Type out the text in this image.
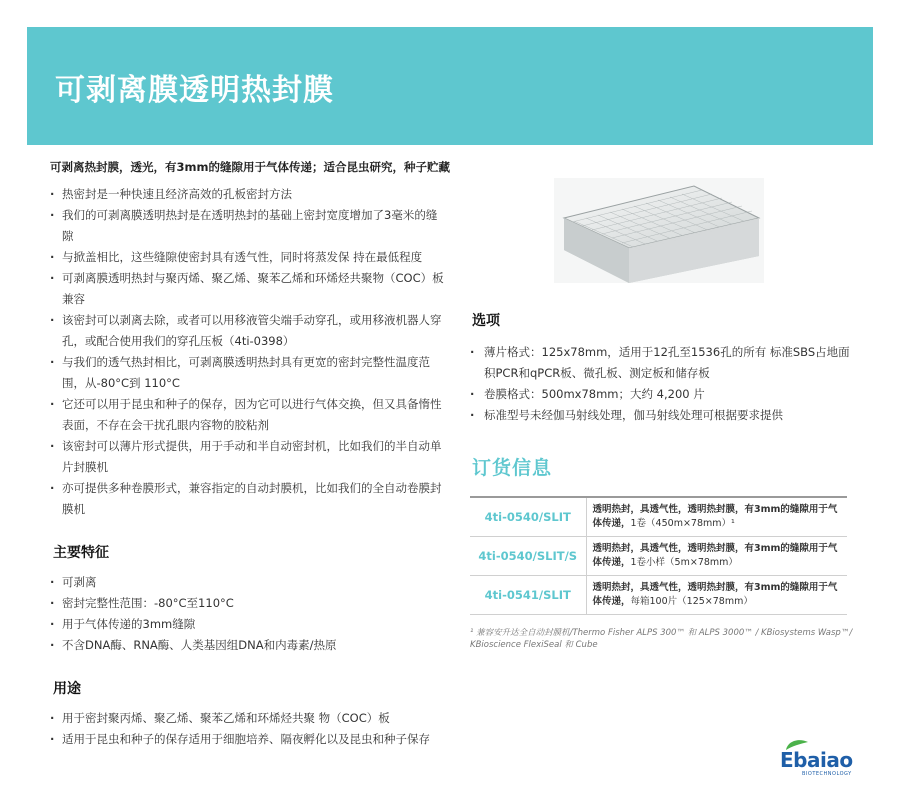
可剥离膜透明热封膜
可剥离热封膜，透光，有3mm的缝隙用于气体传递；适合昆虫研究，种子贮藏
· 热密封是一种快速且经济高效的孔板密封方法
· 我们的可剥离膜透明热封是在透明热封的基础上密封宽度增加了3毫米的缝隙
· 与掀盖相比，这些缝隙使密封具有透气性，同时将蒸发保 持在最低程度
· 可剥离膜透明热封与聚丙烯、聚乙烯、聚苯乙烯和环烯烃共聚物（COC）板兼容
· 该密封可以剥离去除，或者可以用移液管尖端手动穿孔，或用移液机器人穿孔，或配合使用我们的穿孔压板（4ti-0398）
· 与我们的透气热封相比，可剥离膜透明热封具有更宽的密封完整性温度范围，从-80°C到 110°C
· 它还可以用于昆虫和种子的保存，因为它可以进行气体交换，但又具备惰性表面，不存在会干扰孔眼内容物的胶粘剂
· 该密封可以薄片形式提供，用于手动和半自动密封机，比如我们的半自动单片封膜机
· 亦可提供多种卷膜形式，兼容指定的自动封膜机，比如我们的全自动卷膜封膜机
主要特征
· 可剥离
· 密封完整性范围：-80°C至110°C
· 用于气体传递的3mm缝隙
· 不含DNA酶、RNA酶、人类基因组DNA和内毒素/热原
用途
· 用于密封聚丙烯、聚乙烯、聚苯乙烯和环烯烃共聚 物（COC）板
· 适用于昆虫和种子的保存适用于细胞培养、隔夜孵化以及昆虫和种子保存
选项
· 薄片格式：125x78mm，适用于12孔至1536孔的所有 标准SBS占地面积PCR和qPCR板、微孔板、测定板和储存板
· 卷膜格式：500mx78mm；大约 4,200 片
· 标准型号未经伽马射线处理，伽马射线处理可根据要求提供
订货信息
4ti-0540/SLIT	透明热封，具透气性，透明热封膜，有3mm的缝隙用于气体传递，1卷（450m×78mm）¹
4ti-0540/SLIT/S	透明热封，具透气性，透明热封膜，有3mm的缝隙用于气体传递，1卷小样（5m×78mm）
4ti-0541/SLIT	透明热封，具透气性，透明热封膜，有3mm的缝隙用于气体传递，每箱100片（125×78mm）
¹ 兼容安升达全自动封膜机/Thermo Fisher ALPS 300™ 和 ALPS 3000™ / KBiosystems Wasp™/ KBioscience FlexiSeal 和 Cube
Ebaiao
BIOTECHNOLOGY
